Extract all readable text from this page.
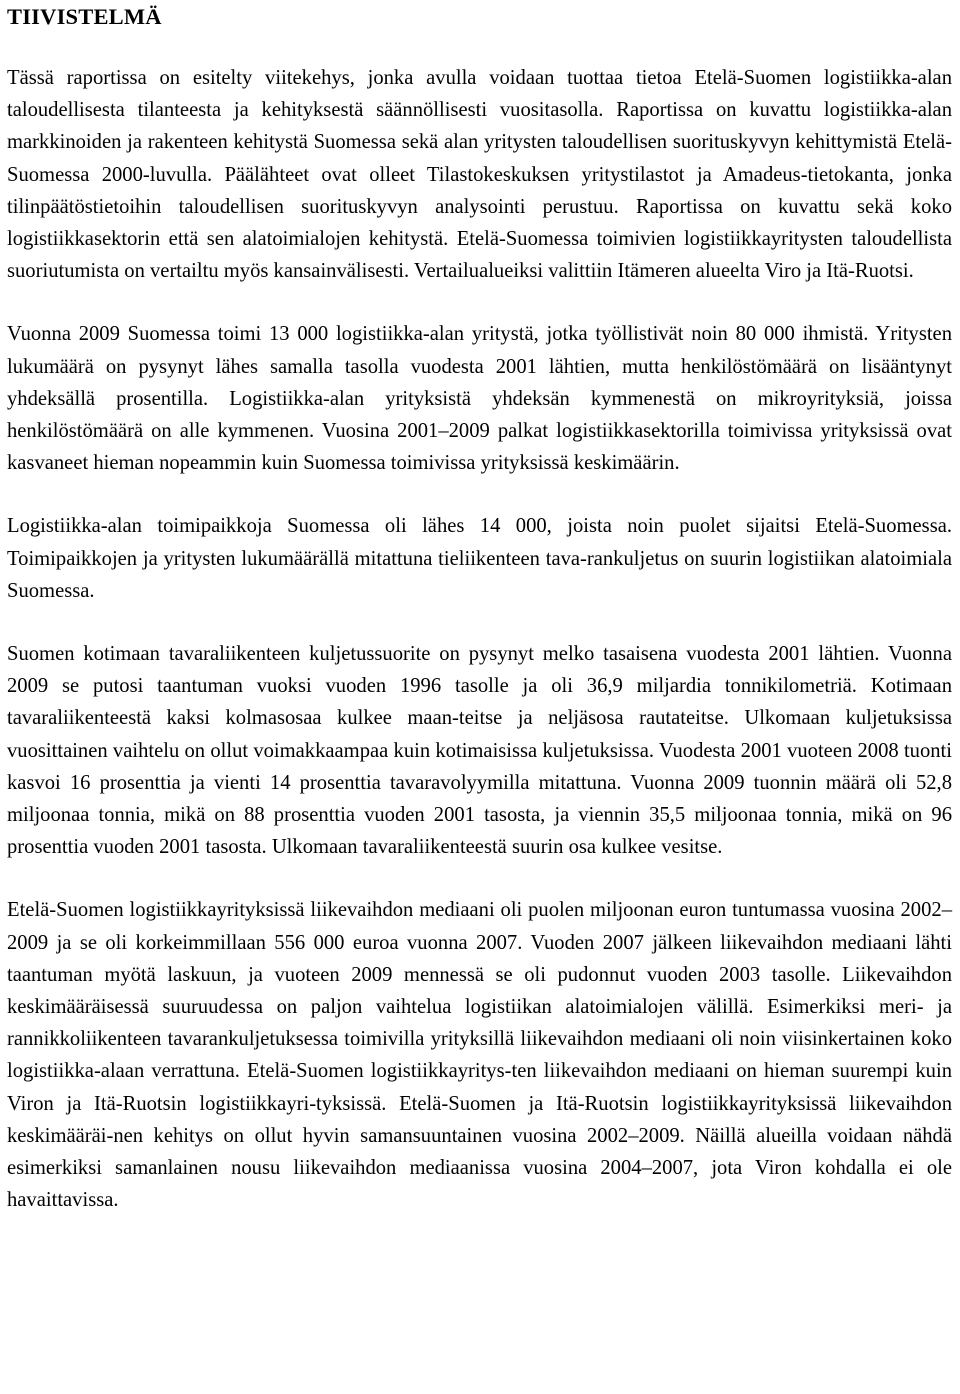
TIIVISTELMÄ

Tässä raportissa on esitelty viitekehys, jonka avulla voidaan tuottaa tietoa Etelä-Suomen logistiikka-alan taloudellisesta tilanteesta ja kehityksestä säännöllisesti vuositasolla. Raportissa on kuvattu logistiikka-alan markkinoiden ja rakenteen kehitystä Suomessa sekä alan yritysten taloudellisen suorituskyvyn kehittymistä Etelä-Suomessa 2000-luvulla. Päälähteet ovat olleet Tilastokeskuksen yritystilastot ja Amadeus-tietokanta, jonka tilinpäätöstietoihin taloudellisen suorituskyvyn analysointi perustuu. Raportissa on kuvattu sekä koko logistiikkasektorin että sen alatoimialojen kehitystä. Etelä-Suomessa toimivien logistiikkayritysten taloudellista suoriutumista on vertailtu myös kansainvälisesti. Vertailualueiksi valittiin Itämeren alueelta Viro ja Itä-Ruotsi.

Vuonna 2009 Suomessa toimi 13 000 logistiikka-alan yritystä, jotka työllistivät noin 80 000 ihmistä. Yritysten lukumäärä on pysynyt lähes samalla tasolla vuodesta 2001 lähtien, mutta henkilöstömäärä on lisääntynyt yhdeksällä prosentilla. Logistiikka-alan yrityksistä yhdeksän kymmenestä on mikroyrityksiä, joissa henkilöstömäärä on alle kymmenen. Vuosina 2001–2009 palkat logistiikkasektorilla toimivissa yrityksissä ovat kasvaneet hieman nopeammin kuin Suomessa toimivissa yrityksissä keskimäärin.

Logistiikka-alan toimipaikkoja Suomessa oli lähes 14 000, joista noin puolet sijaitsi Etelä-Suomessa. Toimipaikkojen ja yritysten lukumäärällä mitattuna tieliikenteen tava-rankuljetus on suurin logistiikan alatoimiala Suomessa.

Suomen kotimaan tavaraliikenteen kuljetussuorite on pysynyt melko tasaisena vuodesta 2001 lähtien. Vuonna 2009 se putosi taantuman vuoksi vuoden 1996 tasolle ja oli 36,9 miljardia tonnikilometriä. Kotimaan tavaraliikenteestä kaksi kolmasosaa kulkee maan-teitse ja neljäsosa rautateitse. Ulkomaan kuljetuksissa vuosittainen vaihtelu on ollut voimakkaampaa kuin kotimaisissa kuljetuksissa. Vuodesta 2001 vuoteen 2008 tuonti kasvoi 16 prosenttia ja vienti 14 prosenttia tavaravolyymilla mitattuna. Vuonna 2009 tuonnin määrä oli 52,8 miljoonaa tonnia, mikä on 88 prosenttia vuoden 2001 tasosta, ja viennin 35,5 miljoonaa tonnia, mikä on 96 prosenttia vuoden 2001 tasosta. Ulkomaan tavaraliikenteestä suurin osa kulkee vesitse.

Etelä-Suomen logistiikkayrityksissä liikevaihdon mediaani oli puolen miljoonan euron tuntumassa vuosina 2002–2009 ja se oli korkeimmillaan 556 000 euroa vuonna 2007. Vuoden 2007 jälkeen liikevaihdon mediaani lähti taantuman myötä laskuun, ja vuoteen 2009 mennessä se oli pudonnut vuoden 2003 tasolle. Liikevaihdon keskimääräisessä suuruudessa on paljon vaihtelua logistiikan alatoimialojen välillä. Esimerkiksi meri- ja rannikkoliikenteen tavarankuljetuksessa toimivilla yrityksillä liikevaihdon mediaani oli noin viisinkertainen koko logistiikka-alaan verrattuna. Etelä-Suomen logistiikkayritys-ten liikevaihdon mediaani on hieman suurempi kuin Viron ja Itä-Ruotsin logistiikkayri-tyksissä. Etelä-Suomen ja Itä-Ruotsin logistiikkayrityksissä liikevaihdon keskimääräi-nen kehitys on ollut hyvin samansuuntainen vuosina 2002–2009. Näillä alueilla voidaan nähdä esimerkiksi samanlainen nousu liikevaihdon mediaanissa vuosina 2004–2007, jota Viron kohdalla ei ole havaittavissa.
